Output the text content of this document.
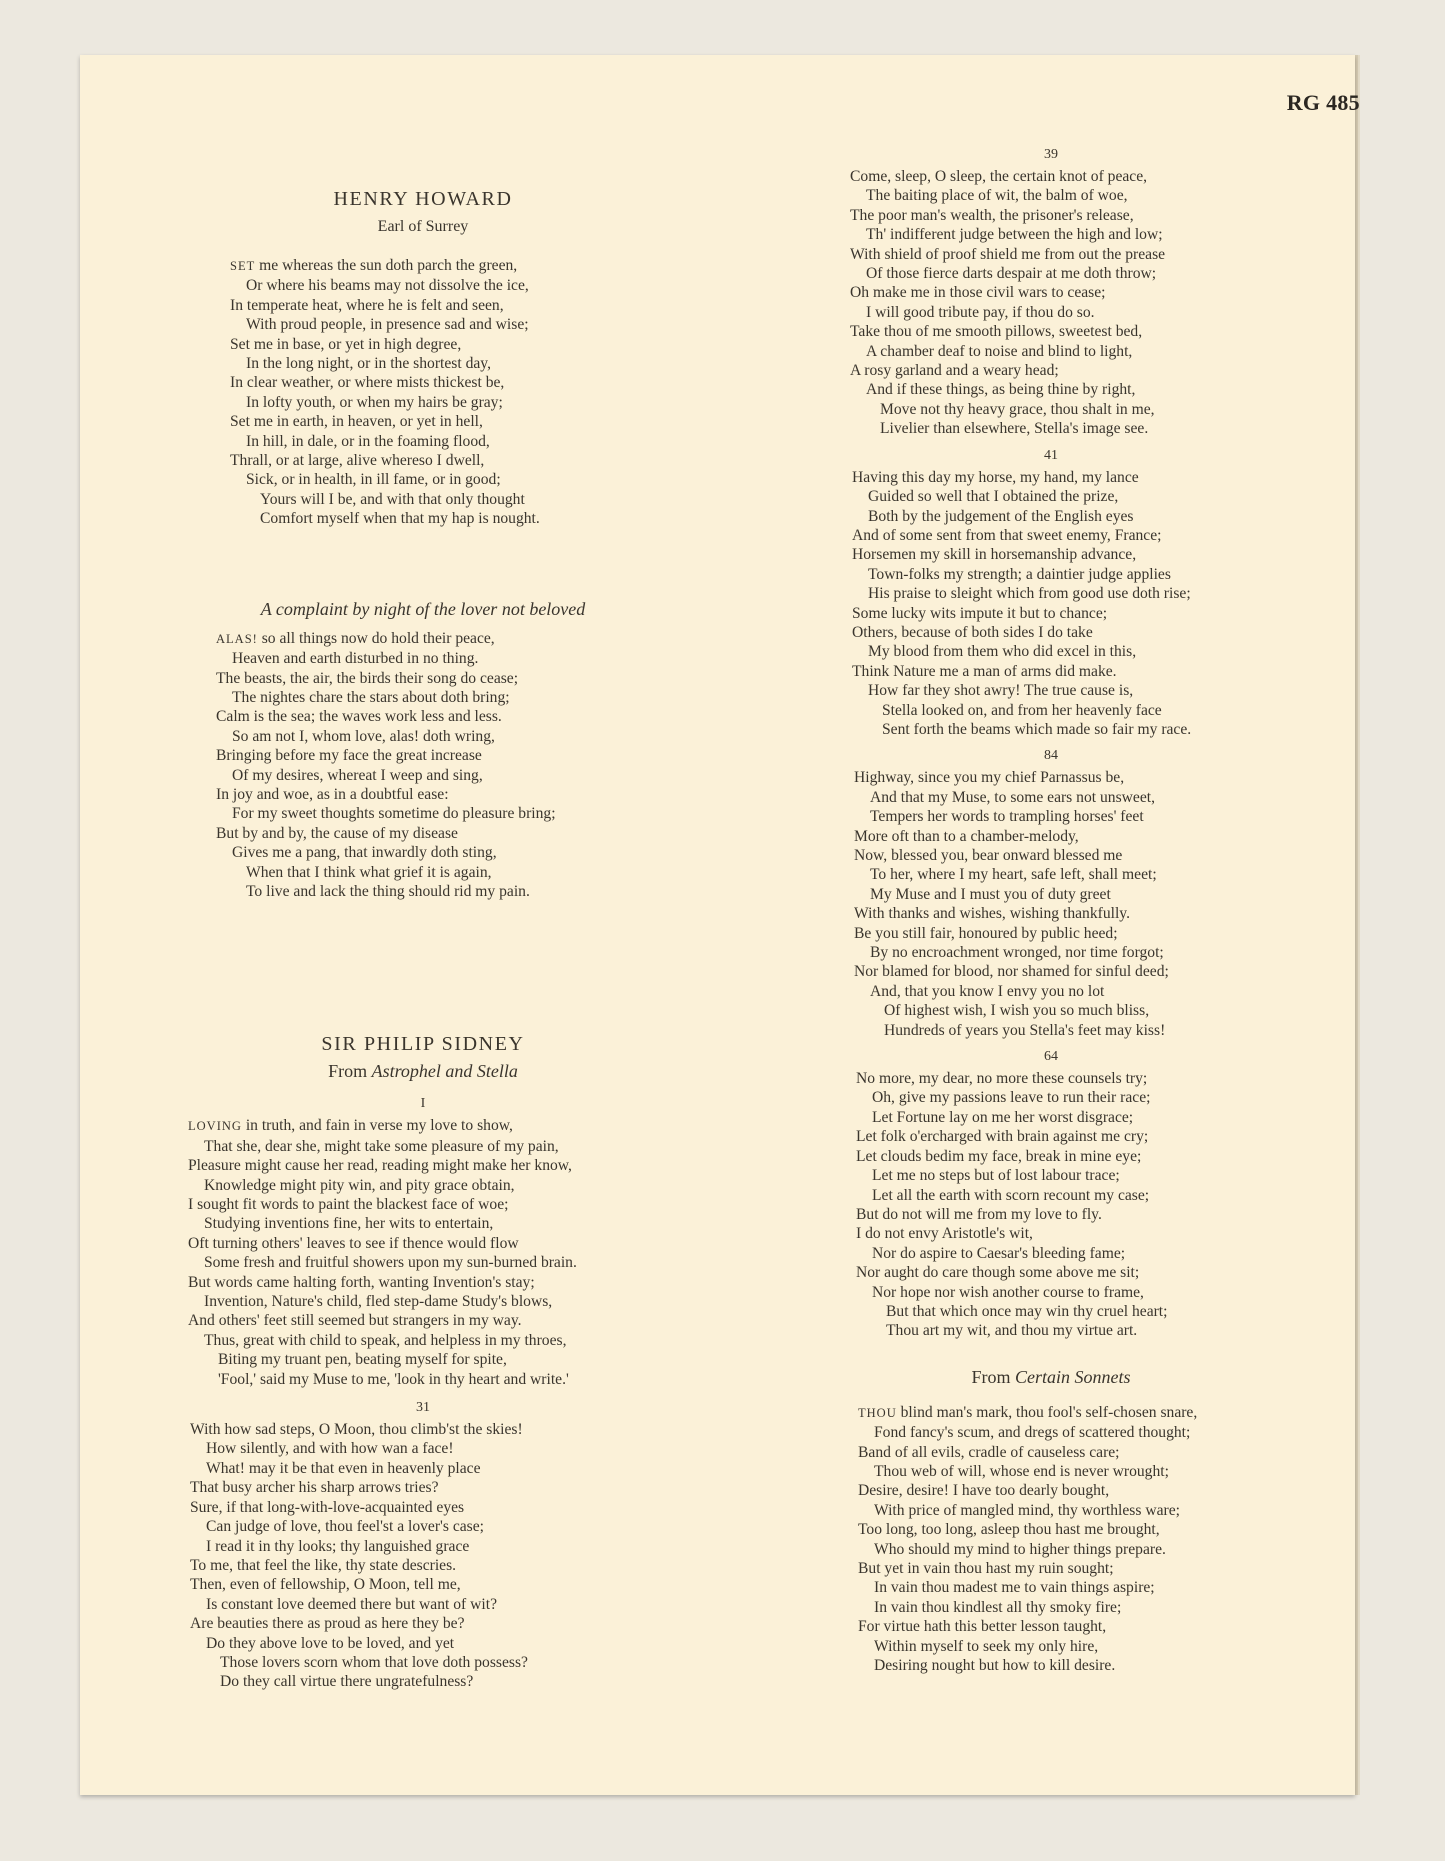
RG 485
HENRY HOWARD

Earl of Surrey

SET me whereas the sun doth parch the green,
Or where his beams may not dissolve the ice,
In temperate heat, where he is felt and seen,
With proud people, in presence sad and wise;
Set me in base, or yet in high degree,
In the long night, or in the shortest day,
In clear weather, or where mists thickest be,
In lofty youth, or when my hairs be gray;
Set me in earth, in heaven, or yet in hell,
In hill, in dale, or in the foaming flood,
Thrall, or at large, alive whereso I dwell,
Sick, or in health, in ill fame, or in good;
Yours will I be, and with that only thought
Comfort myself when that my hap is nought.

A complaint by night of the lover not beloved

ALAS! so all things now do hold their peace,
Heaven and earth disturbed in no thing.
The beasts, the air, the birds their song do cease;
The nightes chare the stars about doth bring;
Calm is the sea; the waves work less and less.
So am not I, whom love, alas! doth wring,
Bringing before my face the great increase
Of my desires, whereat I weep and sing,
In joy and woe, as in a doubtful ease:
For my sweet thoughts sometime do pleasure bring;
But by and by, the cause of my disease
Gives me a pang, that inwardly doth sting,
When that I think what grief it is again,
To live and lack the thing should rid my pain.
SIR PHILIP SIDNEY

From Astrophel and Stella

I

LOVING in truth, and fain in verse my love to show,
That she, dear she, might take some pleasure of my pain,
Pleasure might cause her read, reading might make her know,
Knowledge might pity win, and pity grace obtain,
I sought fit words to paint the blackest face of woe;
Studying inventions fine, her wits to entertain,
Oft turning others' leaves to see if thence would flow
Some fresh and fruitful showers upon my sun-burned brain.
But words came halting forth, wanting Invention's stay;
Invention, Nature's child, fled step-dame Study's blows,
And others' feet still seemed but strangers in my way.
Thus, great with child to speak, and helpless in my throes,
Biting my truant pen, beating myself for spite,
'Fool,' said my Muse to me, 'look in thy heart and write.'

31

With how sad steps, O Moon, thou climb'st the skies!
How silently, and with how wan a face!
What! may it be that even in heavenly place
That busy archer his sharp arrows tries?
Sure, if that long-with-love-acquainted eyes
Can judge of love, thou feel'st a lover's case;
I read it in thy looks; thy languished grace
To me, that feel the like, thy state descries.
Then, even of fellowship, O Moon, tell me,
Is constant love deemed there but want of wit?
Are beauties there as proud as here they be?
Do they above love to be loved, and yet
Those lovers scorn whom that love doth possess?
Do they call virtue there ungratefulness?

39

Come, sleep, O sleep, the certain knot of peace,
The baiting place of wit, the balm of woe,
The poor man's wealth, the prisoner's release,
Th' indifferent judge between the high and low;
With shield of proof shield me from out the prease
Of those fierce darts despair at me doth throw;
Oh make me in those civil wars to cease;
I will good tribute pay, if thou do so.
Take thou of me smooth pillows, sweetest bed,
A chamber deaf to noise and blind to light,
A rosy garland and a weary head;
And if these things, as being thine by right,
Move not thy heavy grace, thou shalt in me,
Livelier than elsewhere, Stella's image see.

41

Having this day my horse, my hand, my lance
Guided so well that I obtained the prize,
Both by the judgement of the English eyes
And of some sent from that sweet enemy, France;
Horsemen my skill in horsemanship advance,
Town-folks my strength; a daintier judge applies
His praise to sleight which from good use doth rise;
Some lucky wits impute it but to chance;
Others, because of both sides I do take
My blood from them who did excel in this,
Think Nature me a man of arms did make.
How far they shot awry! The true cause is,
Stella looked on, and from her heavenly face
Sent forth the beams which made so fair my race.

84

Highway, since you my chief Parnassus be,
And that my Muse, to some ears not unsweet,
Tempers her words to trampling horses' feet
More oft than to a chamber-melody,
Now, blessed you, bear onward blessed me
To her, where I my heart, safe left, shall meet;
My Muse and I must you of duty greet
With thanks and wishes, wishing thankfully.
Be you still fair, honoured by public heed;
By no encroachment wronged, nor time forgot;
Nor blamed for blood, nor shamed for sinful deed;
And, that you know I envy you no lot
Of highest wish, I wish you so much bliss,
Hundreds of years you Stella's feet may kiss!

64

No more, my dear, no more these counsels try;
Oh, give my passions leave to run their race;
Let Fortune lay on me her worst disgrace;
Let folk o'ercharged with brain against me cry;
Let clouds bedim my face, break in mine eye;
Let me no steps but of lost labour trace;
Let all the earth with scorn recount my case;
But do not will me from my love to fly.
I do not envy Aristotle's wit,
Nor do aspire to Caesar's bleeding fame;
Nor aught do care though some above me sit;
Nor hope nor wish another course to frame,
But that which once may win thy cruel heart;
Thou art my wit, and thou my virtue art.

From Certain Sonnets

THOU blind man's mark, thou fool's self-chosen snare,
Fond fancy's scum, and dregs of scattered thought;
Band of all evils, cradle of causeless care;
Thou web of will, whose end is never wrought;
Desire, desire! I have too dearly bought,
With price of mangled mind, thy worthless ware;
Too long, too long, asleep thou hast me brought,
Who should my mind to higher things prepare.
But yet in vain thou hast my ruin sought;
In vain thou madest me to vain things aspire;
In vain thou kindlest all thy smoky fire;
For virtue hath this better lesson taught,
Within myself to seek my only hire,
Desiring nought but how to kill desire.
